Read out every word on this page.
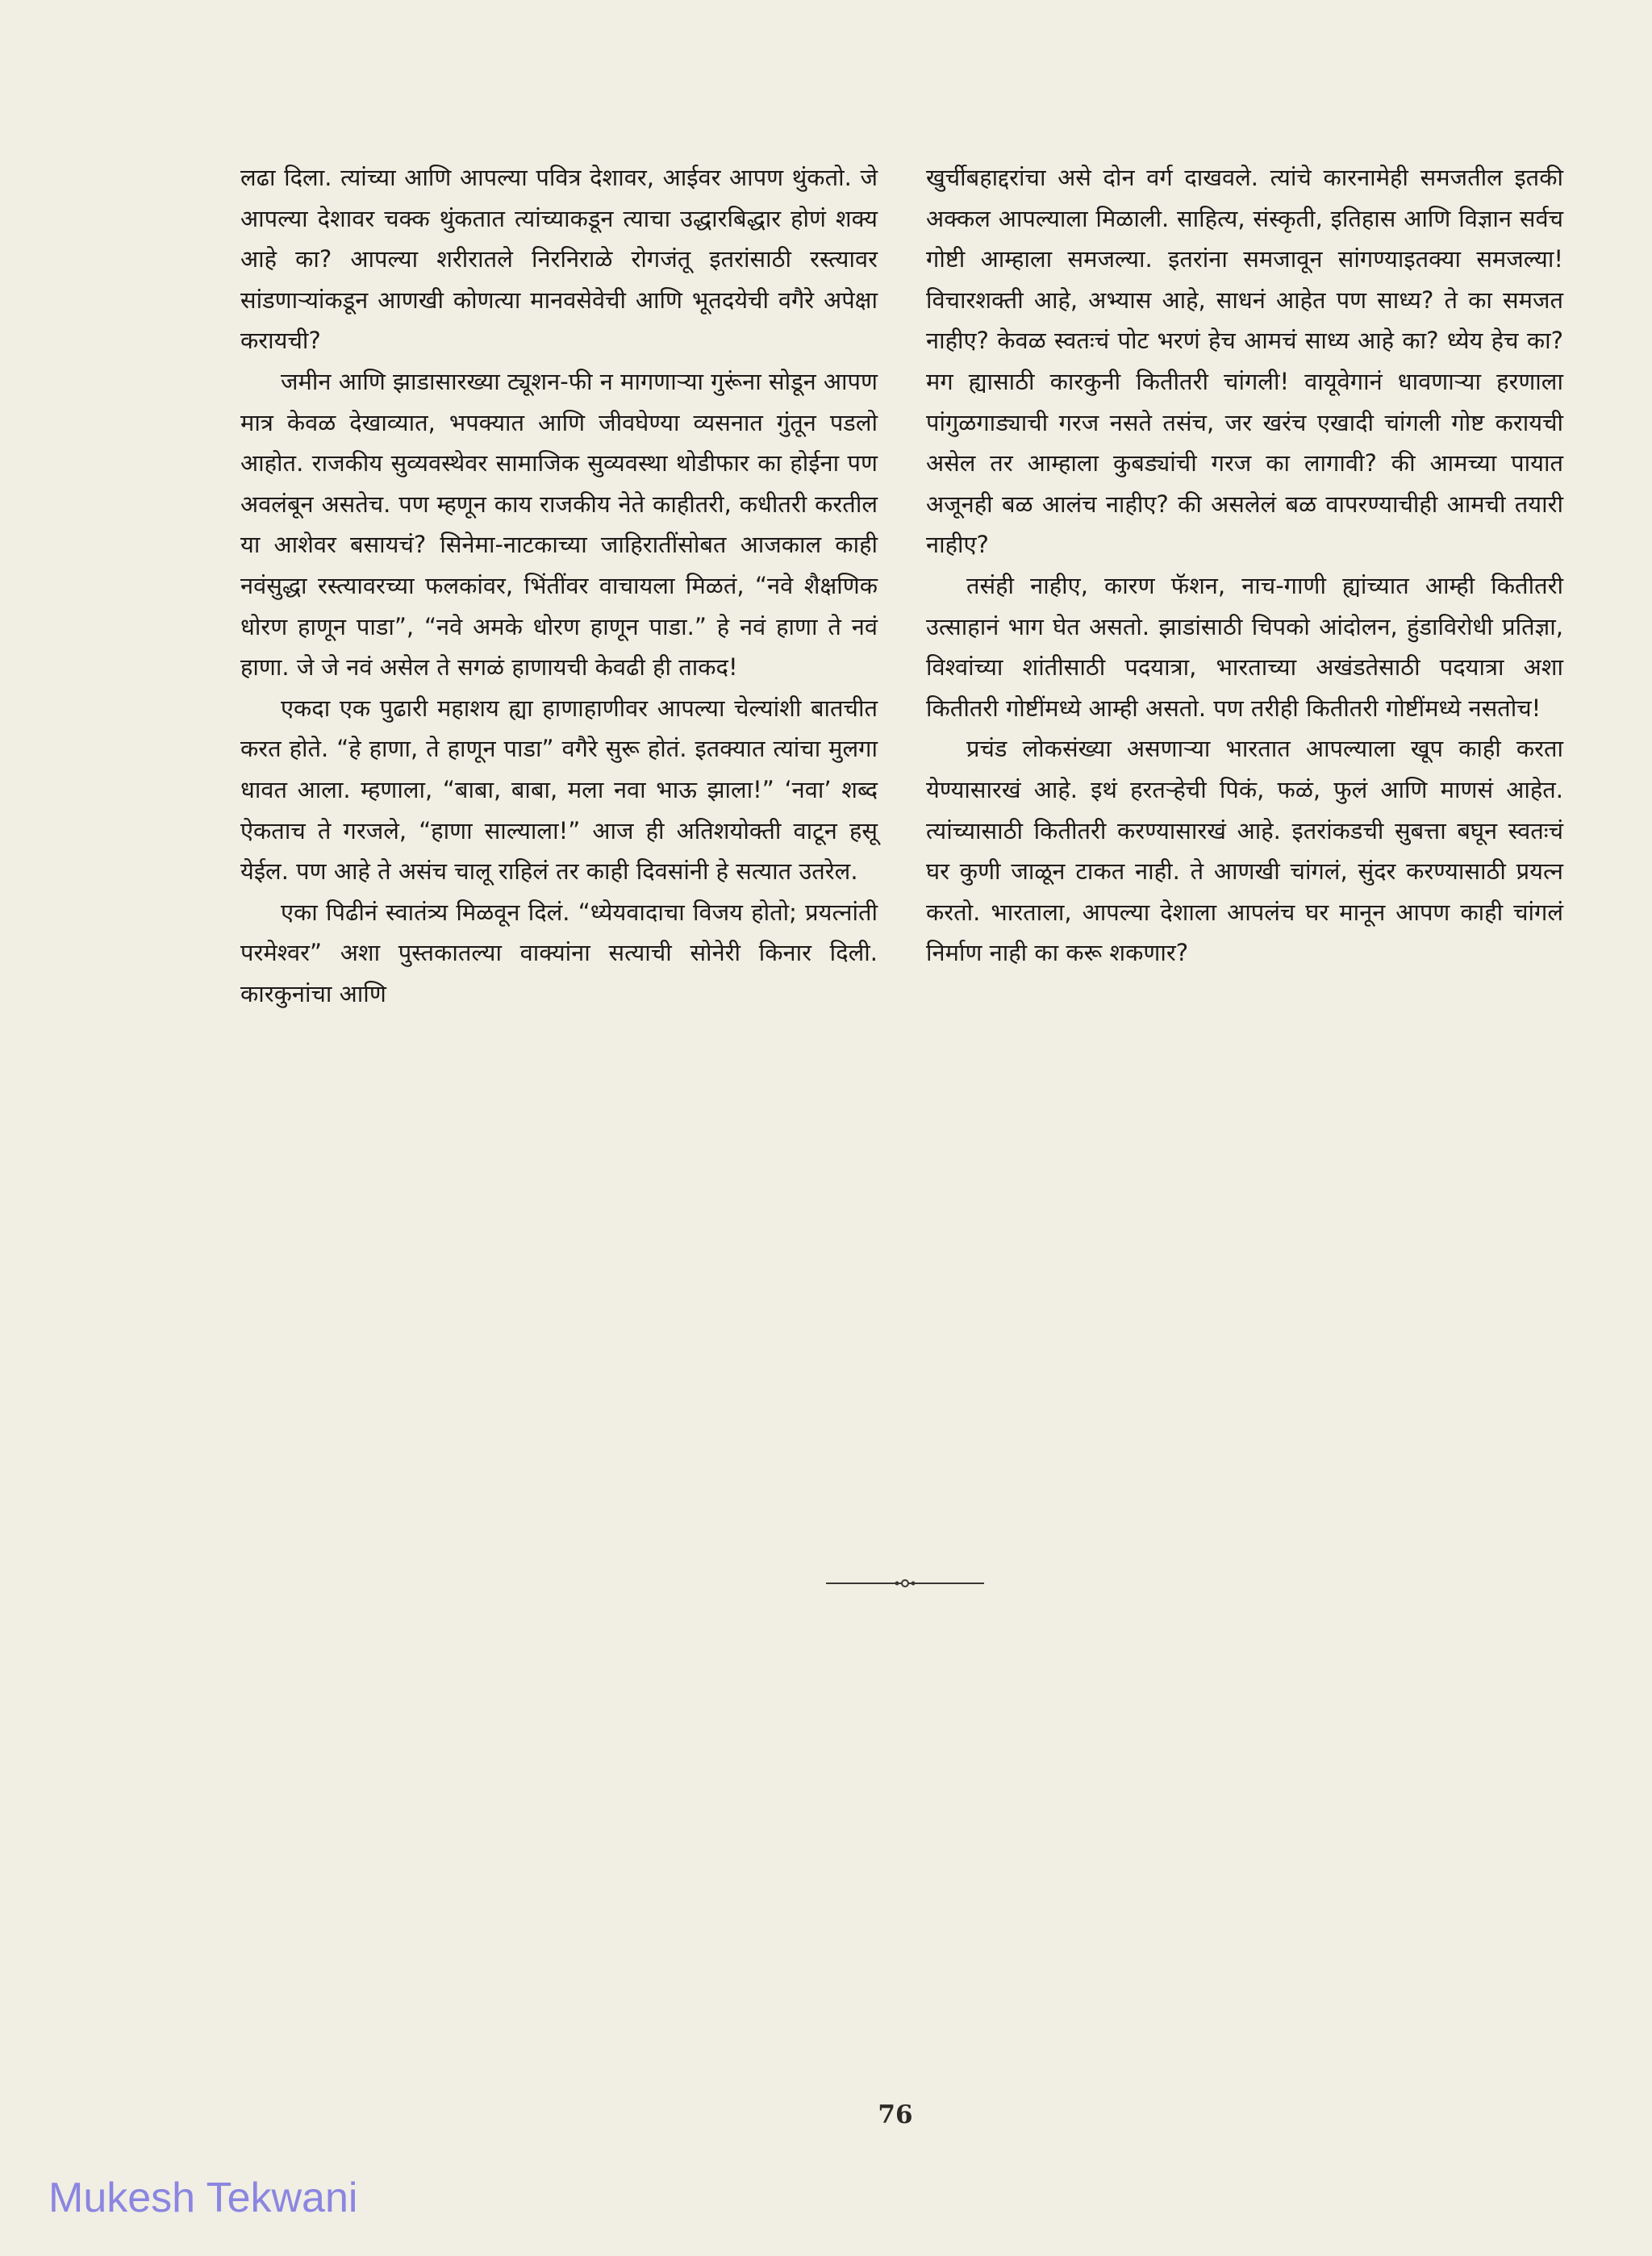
लढा दिला. त्यांच्या आणि आपल्या पवित्र देशावर, आईवर आपण थुंकतो. जे आपल्या देशावर चक्क थुंकतात त्यांच्याकडून त्याचा उद्धारबिद्धार होणं शक्य आहे का? आपल्या शरीरातले निरनिराळे रोगजंतू इतरांसाठी रस्त्यावर सांडणाऱ्यांकडून आणखी कोणत्या मानवसेवेची आणि भूतदयेची वगैरे अपेक्षा करायची?

जमीन आणि झाडासारख्या ट्यूशन-फी न मागणाऱ्या गुरूंना सोडून आपण मात्र केवळ देखाव्यात, भपक्यात आणि जीवघेण्या व्यसनात गुंतून पडलो आहोत. राजकीय सुव्यवस्थेवर सामाजिक सुव्यवस्था थोडीफार का होईना पण अवलंबून असतेच. पण म्हणून काय राजकीय नेते काहीतरी, कधीतरी करतील या आशेवर बसायचं? सिनेमा-नाटकाच्या जाहिरातींसोबत आजकाल काही नवंसुद्धा रस्त्यावरच्या फलकांवर, भिंतींवर वाचायला मिळतं, “नवे शैक्षणिक धोरण हाणून पाडा”, “नवे अमके धोरण हाणून पाडा.” हे नवं हाणा ते नवं हाणा. जे जे नवं असेल ते सगळं हाणायची केवढी ही ताकद!

एकदा एक पुढारी महाशय ह्या हाणाहाणीवर आपल्या चेल्यांशी बातचीत करत होते. “हे हाणा, ते हाणून पाडा” वगैरे सुरू होतं. इतक्यात त्यांचा मुलगा धावत आला. म्हणाला, “बाबा, बाबा, मला नवा भाऊ झाला!” ‘नवा’ शब्द ऐकताच ते गरजले, “हाणा साल्याला!” आज ही अतिशयोक्ती वाटून हसू येईल. पण आहे ते असंच चालू राहिलं तर काही दिवसांनी हे सत्यात उतरेल.

एका पिढीनं स्वातंत्र्य मिळवून दिलं. “ध्येयवादाचा विजय होतो; प्रयत्नांती परमेश्वर” अशा पुस्तकातल्या वाक्यांना सत्याची सोनेरी किनार दिली. कारकुनांचा आणि

खुर्चीबहाद्दरांचा असे दोन वर्ग दाखवले. त्यांचे कारनामेही समजतील इतकी अक्कल आपल्याला मिळाली. साहित्य, संस्कृती, इतिहास आणि विज्ञान सर्वच गोष्टी आम्हाला समजल्या. इतरांना समजावून सांगण्याइतक्या समजल्या! विचारशक्ती आहे, अभ्यास आहे, साधनं आहेत पण साध्य? ते का समजत नाहीए? केवळ स्वतःचं पोट भरणं हेच आमचं साध्य आहे का? ध्येय हेच का? मग ह्यासाठी कारकुनी कितीतरी चांगली! वायूवेगानं धावणाऱ्या हरणाला पांगुळगाड्याची गरज नसते तसंच, जर खरंच एखादी चांगली गोष्ट करायची असेल तर आम्हाला कुबड्यांची गरज का लागावी? की आमच्या पायात अजूनही बळ आलंच नाहीए? की असलेलं बळ वापरण्याचीही आमची तयारी नाहीए?

तसंही नाहीए, कारण फॅशन, नाच-गाणी ह्यांच्यात आम्ही कितीतरी उत्साहानं भाग घेत असतो. झाडांसाठी चिपको आंदोलन, हुंडाविरोधी प्रतिज्ञा, विश्वांच्या शांतीसाठी पदयात्रा, भारताच्या अखंडतेसाठी पदयात्रा अशा कितीतरी गोष्टींमध्ये आम्ही असतो. पण तरीही कितीतरी गोष्टींमध्ये नसतोच!

प्रचंड लोकसंख्या असणाऱ्या भारतात आपल्याला खूप काही करता येण्यासारखं आहे. इथं हरतऱ्हेची पिकं, फळं, फुलं आणि माणसं आहेत. त्यांच्यासाठी कितीतरी करण्यासारखं आहे. इतरांकडची सुबत्ता बघून स्वतःचं घर कुणी जाळून टाकत नाही. ते आणखी चांगलं, सुंदर करण्यासाठी प्रयत्न करतो. भारताला, आपल्या देशाला आपलंच घर मानून आपण काही चांगलं निर्माण नाही का करू शकणार?

76
Mukesh Tekwani
